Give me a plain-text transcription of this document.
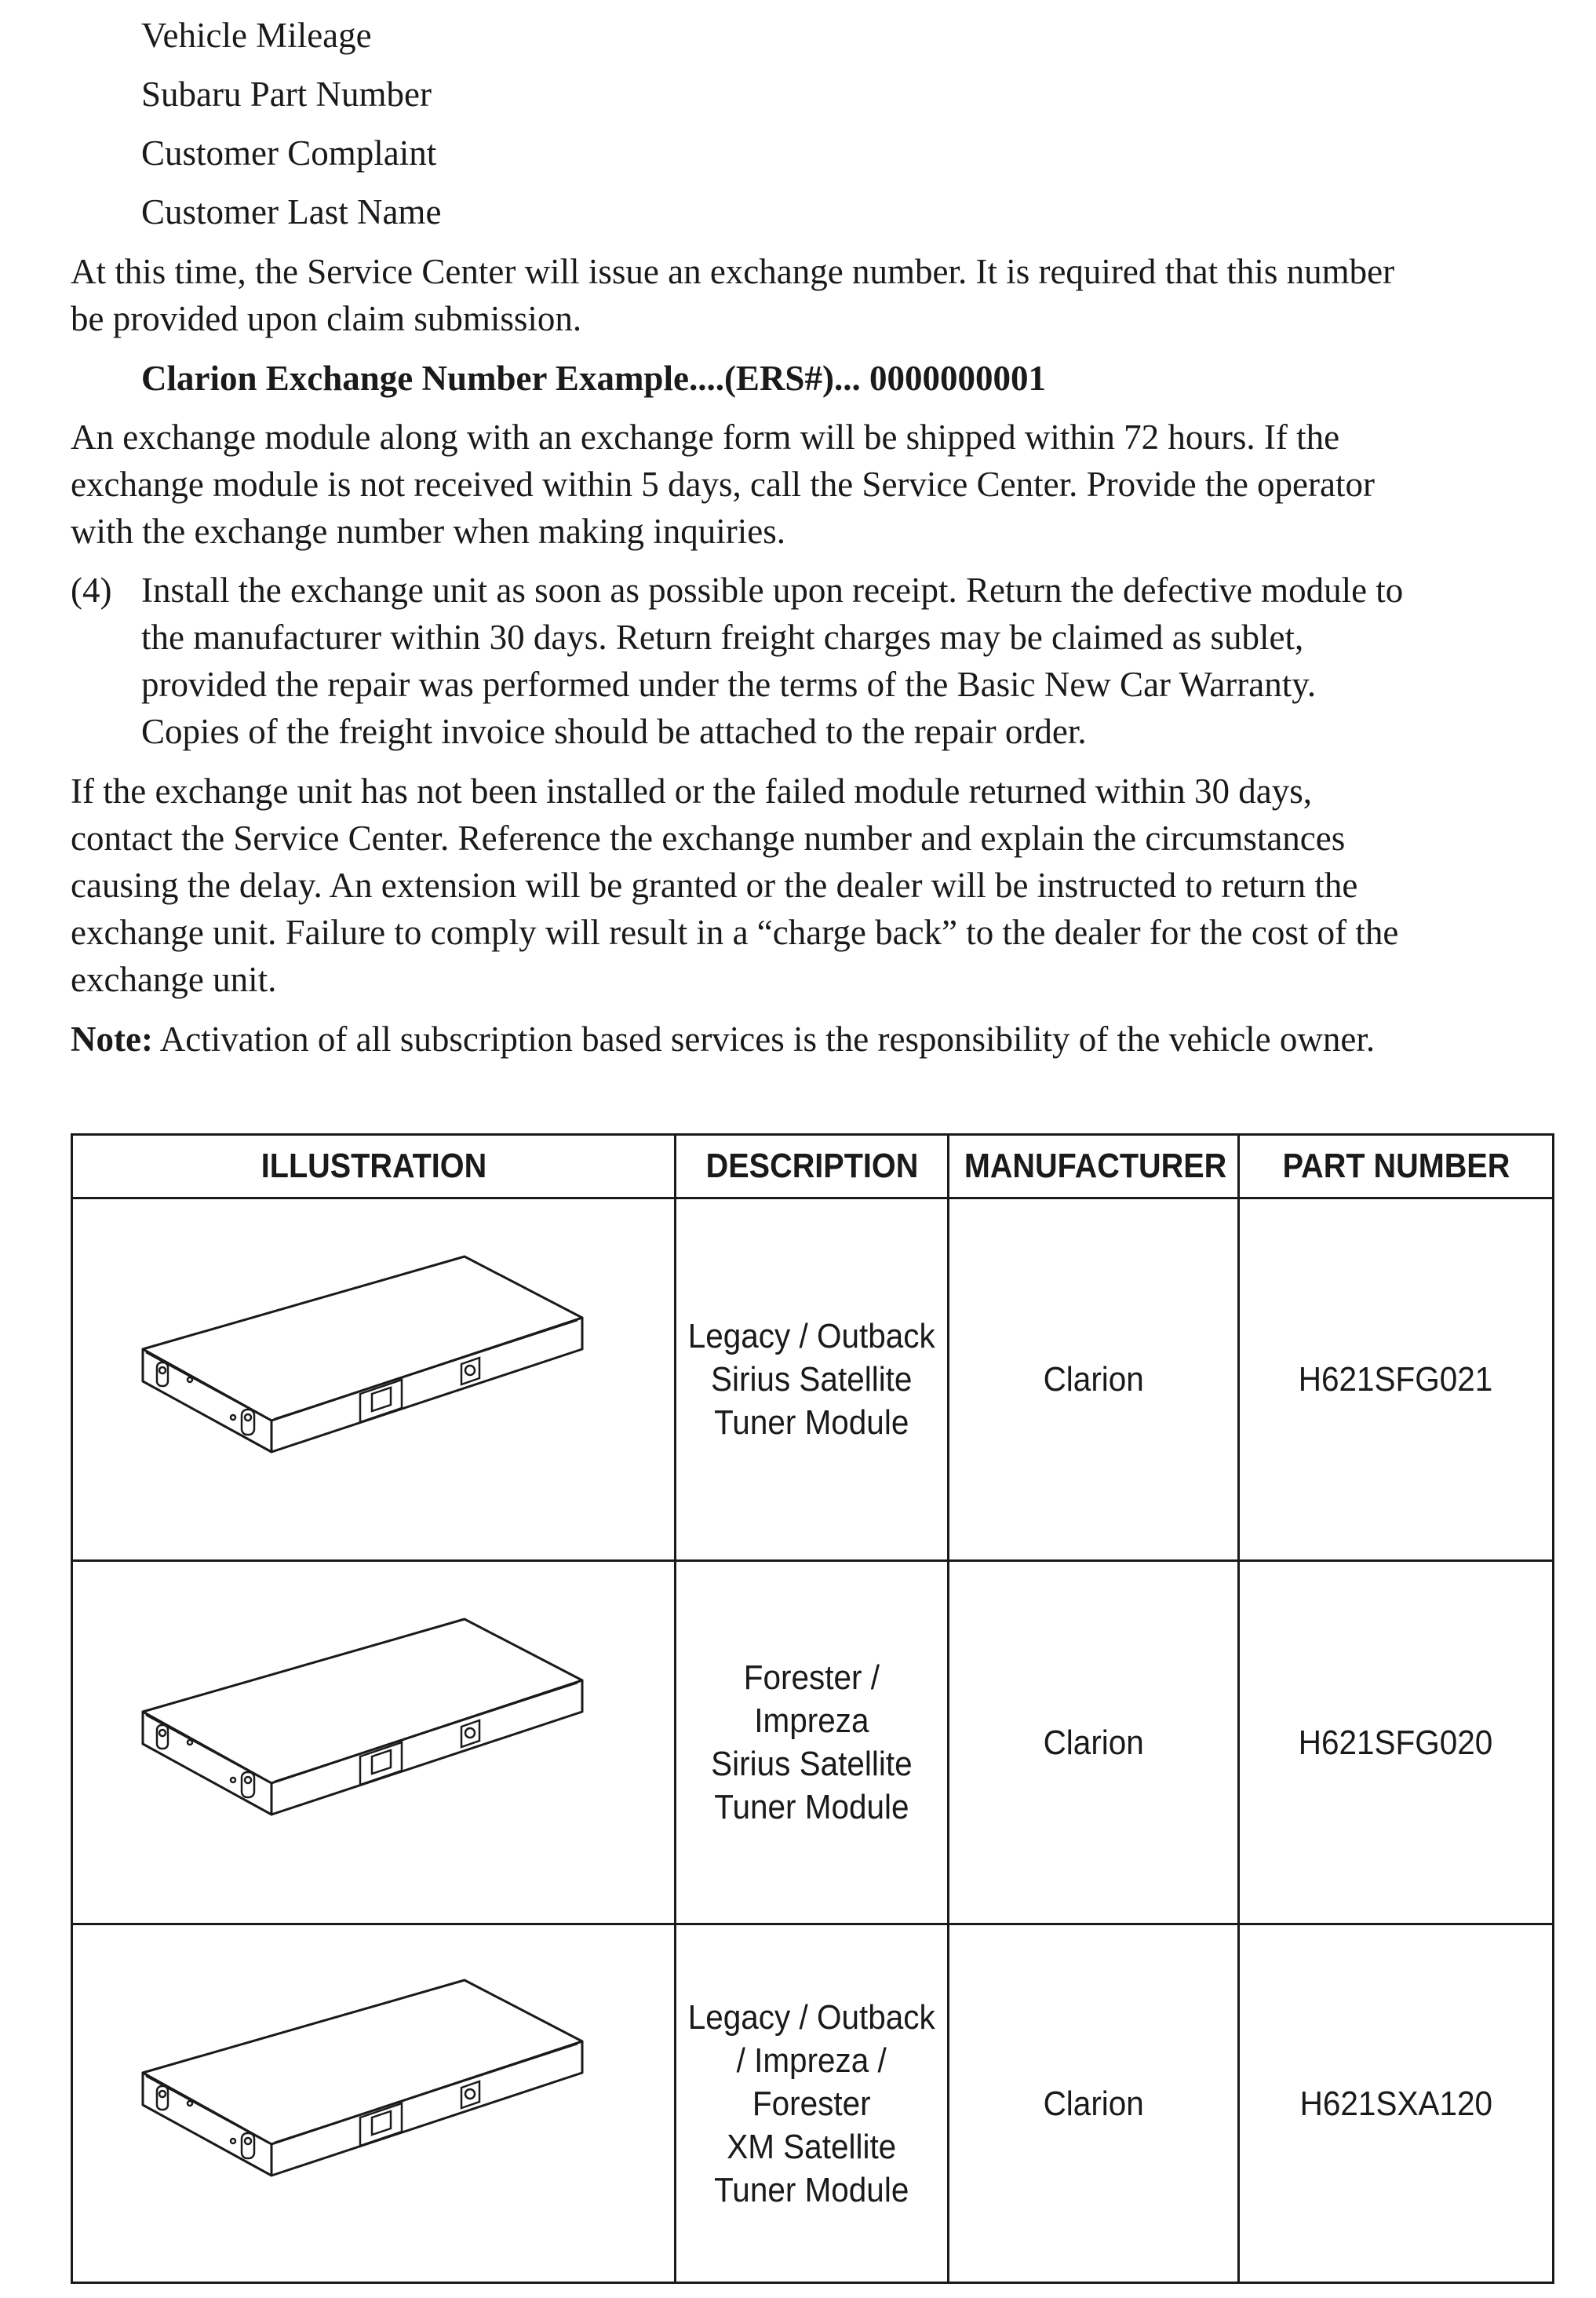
Vehicle Mileage
Subaru Part Number
Customer Complaint
Customer Last Name
At this time, the Service Center will issue an exchange number. It is required that this number
be provided upon claim submission.
Clarion Exchange Number Example....(ERS#)... 0000000001
An exchange module along with an exchange form will be shipped within 72 hours. If the
exchange module is not received within 5 days, call the Service Center. Provide the operator
with the exchange number when making inquiries.
(4) Install the exchange unit as soon as possible upon receipt. Return the defective module to
the manufacturer within 30 days. Return freight charges may be claimed as sublet,
provided the repair was performed under the terms of the Basic New Car Warranty.
Copies of the freight invoice should be attached to the repair order.
If the exchange unit has not been installed or the failed module returned within 30 days,
contact the Service Center. Reference the exchange number and explain the circumstances
causing the delay. An extension will be granted or the dealer will be instructed to return the
exchange unit. Failure to comply will result in a “charge back” to the dealer for the cost of the
exchange unit.
Note: Activation of all subscription based services is the responsibility of the vehicle owner.
ILLUSTRATION	DESCRIPTION	MANUFACTURER	PART NUMBER

Legacy / Outback
Sirius Satellite
Tuner Module	Clarion	H621SFG021

Forester /
Impreza
Sirius Satellite
Tuner Module	Clarion	H621SFG020

Legacy / Outback
/ Impreza /
Forester
XM Satellite
Tuner Module	Clarion	H621SXA120
